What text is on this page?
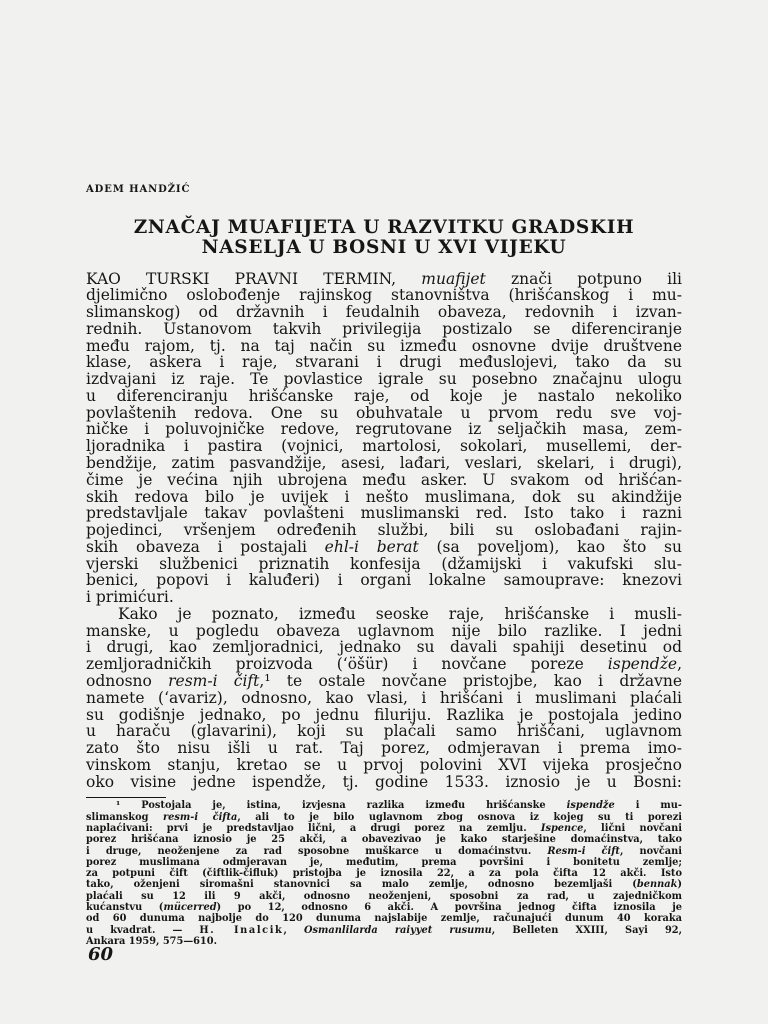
ADEM HANDŽIĆ
ZNAČAJ MUAFIJETA U RAZVITKU GRADSKIH
NASELJA U BOSNI U XVI VIJEKU
KAO TURSKI PRAVNI TERMIN, muafijet znači potpuno ili
djelimično oslobođenje rajinskog stanovništva (hrišćanskog i mu-
slimanskog) od državnih i feudalnih obaveza, redovnih i izvan-
rednih. Ustanovom takvih privilegija postizalo se diferenciranje
među rajom, tj. na taj način su između osnovne dvije društvene
klase, askera i raje, stvarani i drugi međuslojevi, tako da su
izdvajani iz raje. Te povlastice igrale su posebno značajnu ulogu
u diferenciranju hrišćanske raje, od koje je nastalo nekoliko
povlaštenih redova. One su obuhvatale u prvom redu sve voj-
ničke i poluvojničke redove, regrutovane iz seljačkih masa, zem-
ljoradnika i pastira (vojnici, martolosi, sokolari, musellemi, der-
bendžije, zatim pasvandžije, asesi, lađari, veslari, skelari, i drugi),
čime je većina njih ubrojena među asker. U svakom od hrišćan-
skih redova bilo je uvijek i nešto muslimana, dok su akindžije
predstavljale takav povlašteni muslimanski red. Isto tako i razni
pojedinci, vršenjem određenih službi, bili su oslobađani rajin-
skih obaveza i postajali ehl-i berat (sa poveljom), kao što su
vjerski službenici priznatih konfesija (džamijski i vakufski slu-
benici, popovi i kaluđeri) i organi lokalne samouprave: knezovi
i primićuri.
Kako je poznato, između seoske raje, hrišćanske i musli-
manske, u pogledu obaveza uglavnom nije bilo razlike. I jedni
i drugi, kao zemljoradnici, jednako su davali spahiji desetinu od
zemljoradničkih proizvoda (‘öšür) i novčane poreze ispendže,
odnosno resm-i čift,¹ te ostale novčane pristojbe, kao i državne
namete (‘avariz), odnosno, kao vlasi, i hrišćani i muslimani plaćali
su godišnje jednako, po jednu filuriju. Razlika je postojala jedino
u haraču (glavarini), koji su plaćali samo hrišćani, uglavnom
zato što nisu išli u rat. Taj porez, odmjeravan i prema imo-
vinskom stanju, kretao se u prvoj polovini XVI vijeka prosječno
oko visine jedne ispendže, tj. godine 1533. iznosio je u Bosni:
¹ Postojala je, istina, izvjesna razlika između hrišćanske ispendže i mu-
slimanskog resm-i čifta, ali to je bilo uglavnom zbog osnova iz kojeg su ti porezi
naplaćivani: prvi je predstavljao lični, a drugi porez na zemlju. Ispence, lični novčani
porez hrišćana iznosio je 25 akči, a obavezivao je kako starješine domaćinstva, tako
i druge, neoženjene za rad sposobne muškarce u domaćinstvu. Resm-i čift, novčani
porez muslimana odmjeravan je, međutim, prema površini i bonitetu zemlje;
za potpuni čift (čiftlik-čifluk) pristojba je iznosila 22, a za pola čifta 12 akči. Isto
tako, oženjeni siromašni stanovnici sa malo zemlje, odnosno bezemljaši (bennak)
plaćali su 12 ili 9 akči, odnosno neoženjeni, sposobni za rad, u zajedničkom
kućanstvu (mücerred) po 12, odnosno 6 akči. A površina jednog čifta iznosila je
od 60 dunuma najbolje do 120 dunuma najslabije zemlje, računajući dunum 40 koraka
u kvadrat. — H. Inalcik, Osmanlilarda raiyyet rusumu, Belleten XXIII, Sayi 92,
Ankara 1959, 575—610.
60
